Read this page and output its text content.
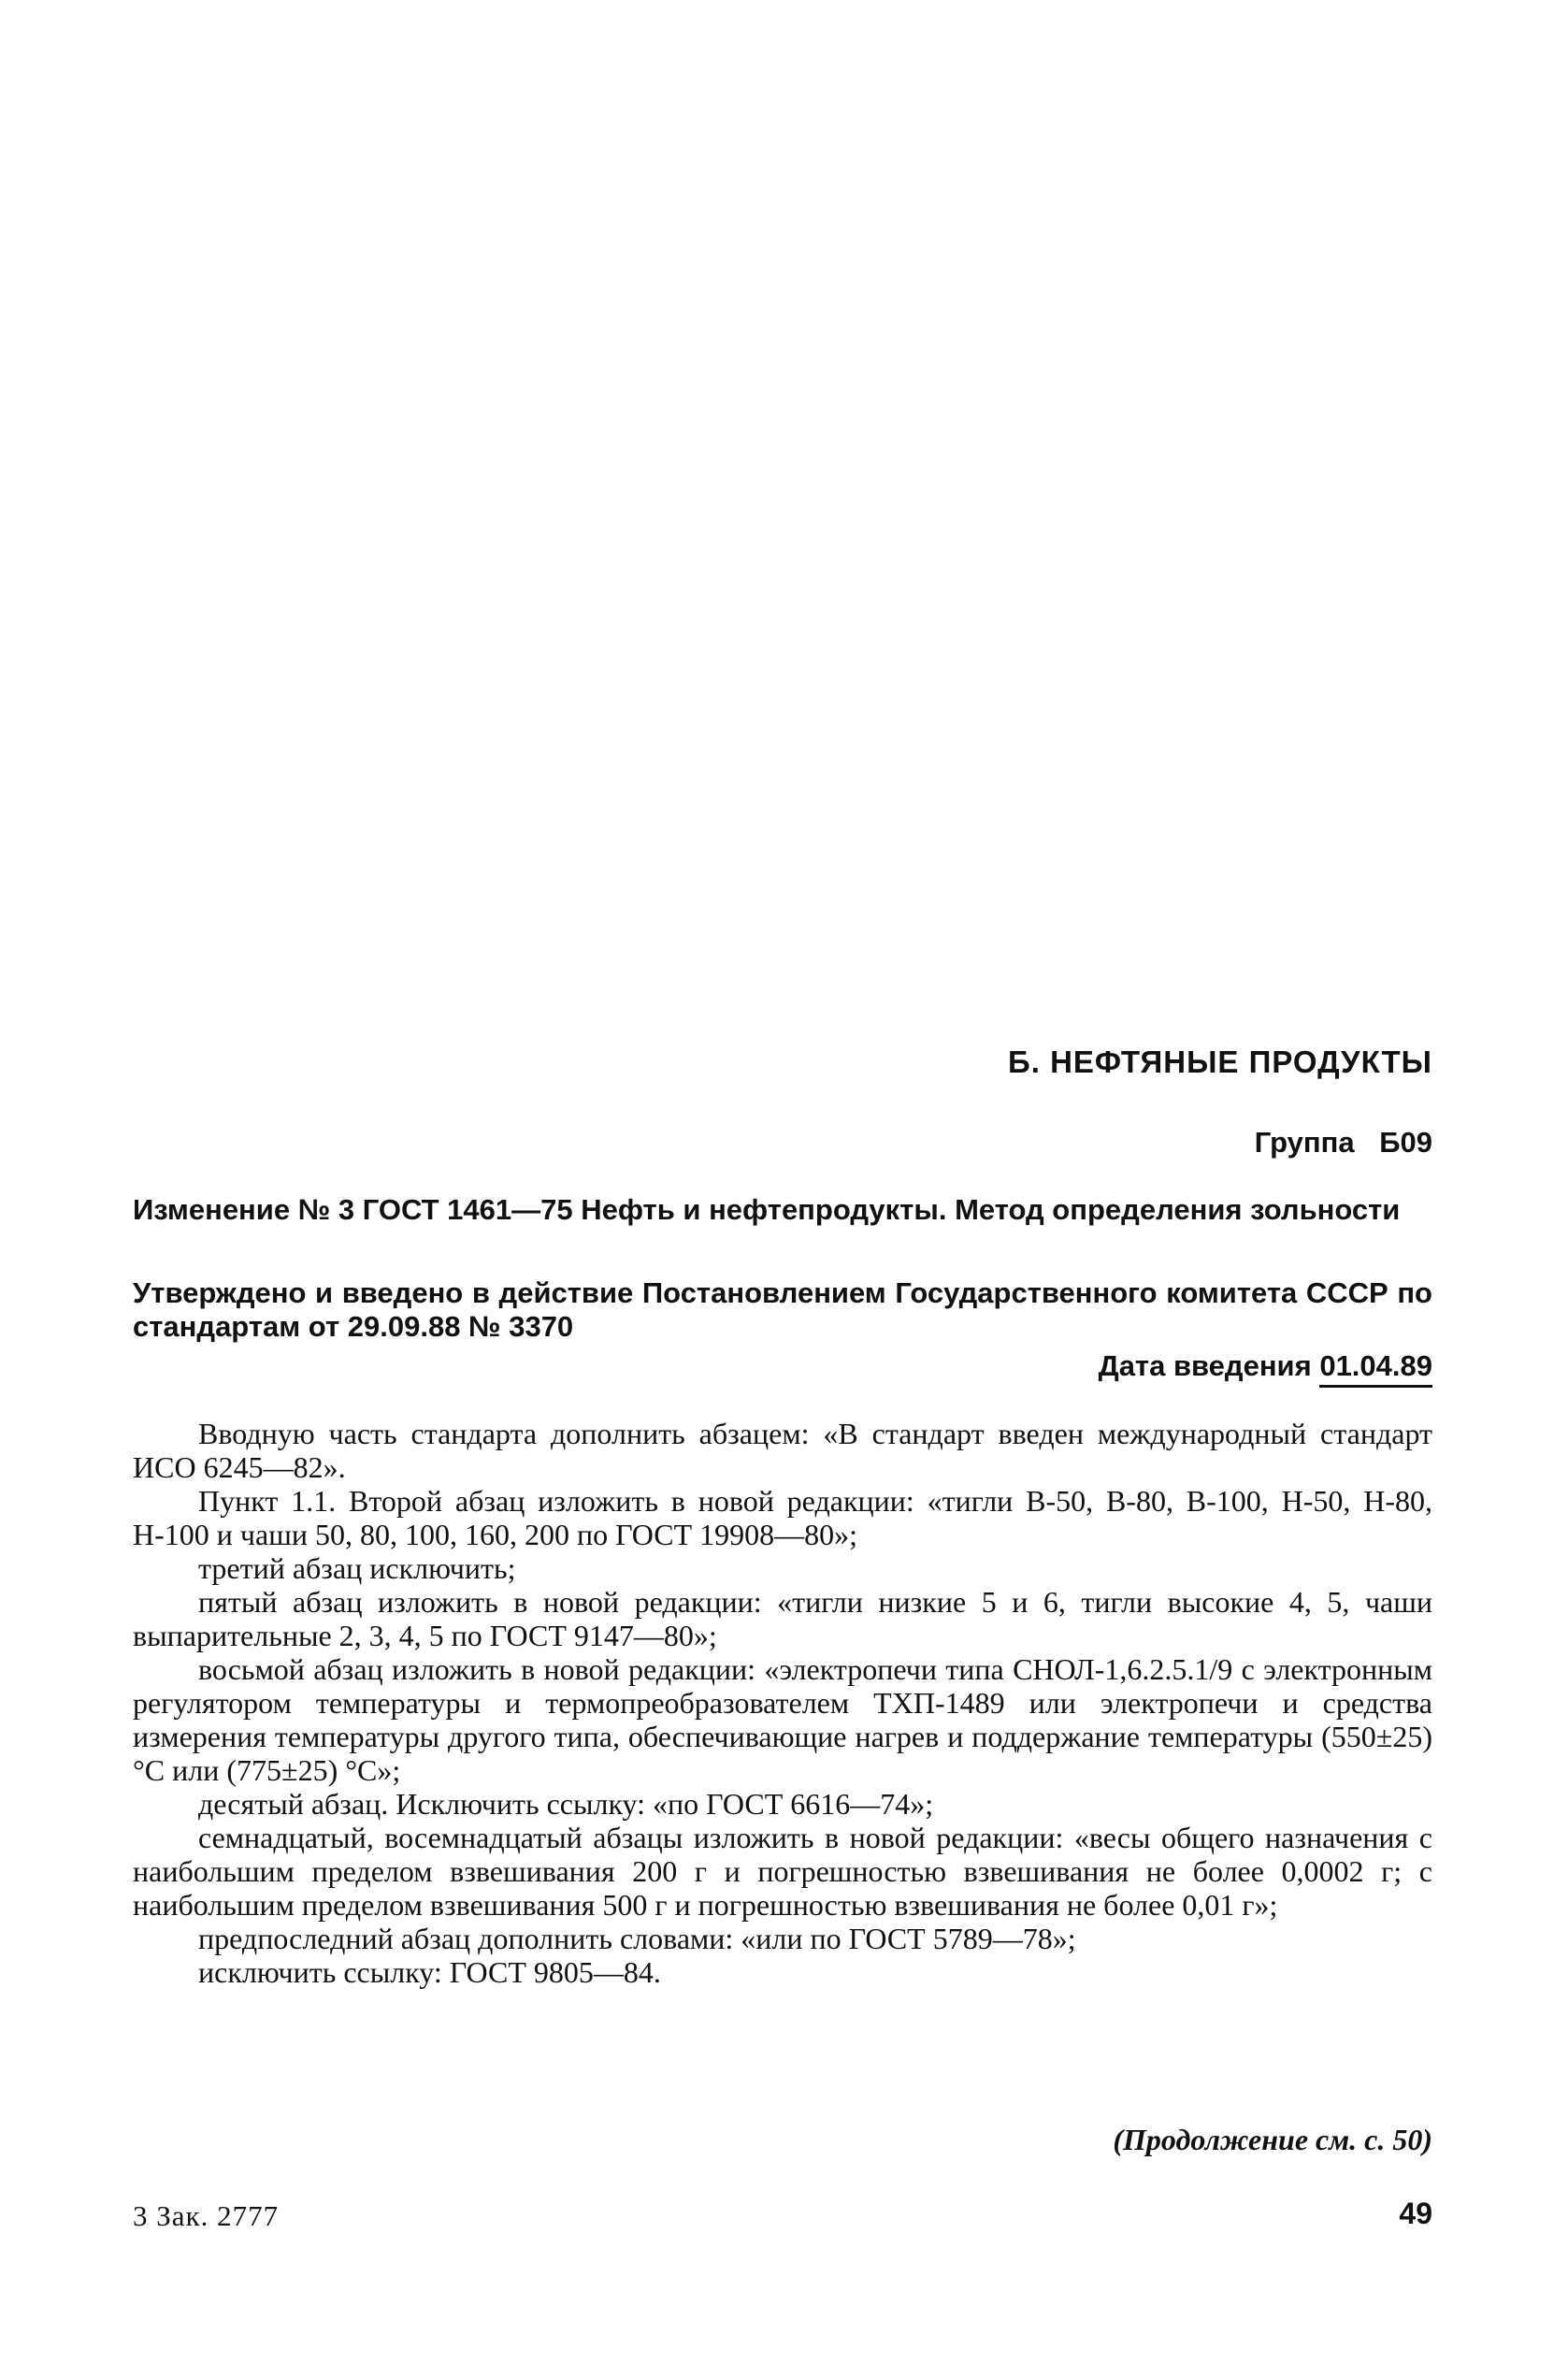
Б. НЕФТЯНЫЕ ПРОДУКТЫ
Группа Б09
Изменение № 3 ГОСТ 1461—75 Нефть и нефтепродукты. Метод определения зольности
Утверждено и введено в действие Постановлением Государственного комитета СССР по стандартам от 29.09.88 № 3370
Дата введения 01.04.89

Вводную часть стандарта дополнить абзацем: «В стандарт введен международный стандарт ИСО 6245—82».

Пункт 1.1. Второй абзац изложить в новой редакции: «тигли В-50, В-80, В-100, Н-50, Н-80, Н-100 и чаши 50, 80, 100, 160, 200 по ГОСТ 19908—80»;

третий абзац исключить;

пятый абзац изложить в новой редакции: «тигли низкие 5 и 6, тигли высокие 4, 5, чаши выпарительные 2, 3, 4, 5 по ГОСТ 9147—80»;

восьмой абзац изложить в новой редакции: «электропечи типа СНОЛ-1,6.2.5.1/9 с электронным регулятором температуры и термопреобразователем ТХП-1489 или электропечи и средства измерения температуры другого типа, обеспечивающие нагрев и поддержание температуры (550±25) °С или (775±25) °С»;

десятый абзац. Исключить ссылку: «по ГОСТ 6616—74»;

семнадцатый, восемнадцатый абзацы изложить в новой редакции: «весы общего назначения с наибольшим пределом взвешивания 200 г и погрешностью взвешивания не более 0,0002 г; с наибольшим пределом взвешивания 500 г и погрешностью взвешивания не более 0,01 г»;

предпоследний абзац дополнить словами: «или по ГОСТ 5789—78»;

исключить ссылку: ГОСТ 9805—84.

(Продолжение см. с. 50)
3 Зак. 2777	49
